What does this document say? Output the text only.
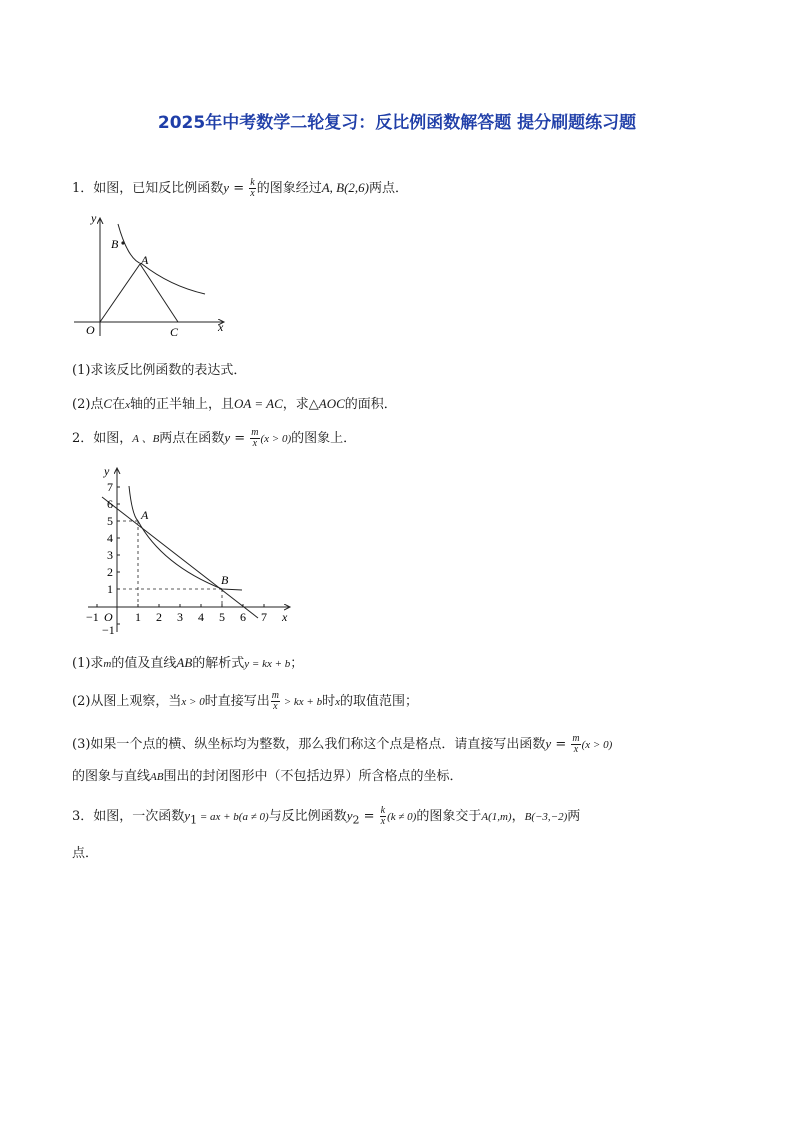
2025年中考数学二轮复习：反比例函数解答题 提分刷题练习题
1．如图，已知反比例函数$y = \frac{k}{x}$ 的图象经过A, B(2,6)两点．
y
x
O
A
B
C
(1)求该反比例函数的表达式．
(2)点C在x轴的正半轴上，且OA = AC，求△AOC的面积．
2．如图，A 、B两点在函数$y = \frac{m}{x} (x > 0)$的图象上．
A
B
y
x
O
−1	1 2 3 4 5 6 7
7
6
5
4
3
2
1
−1
(1)求m的值及直线AB的解析式y = kx + b；
(2)从图上观察，当x > 0时直接写出 $\frac{m}{x}$ > kx + b时x的取值范围；
(3)如果一个点的横、纵坐标均为整数，那么我们称这个点是格点．请直接写出函数$y = \frac{m}{x} (x > 0)$
的图象与直线AB围出的封闭图形中（不包括边界）所含格点的坐标．
3．如图，一次函数$y_1$ = ax + b(a ≠ 0)与反比例函数$y_2 = \frac{k}{x} (k \ne 0)$的图象交于A(1,m)，B(−3,−2)两
点．
